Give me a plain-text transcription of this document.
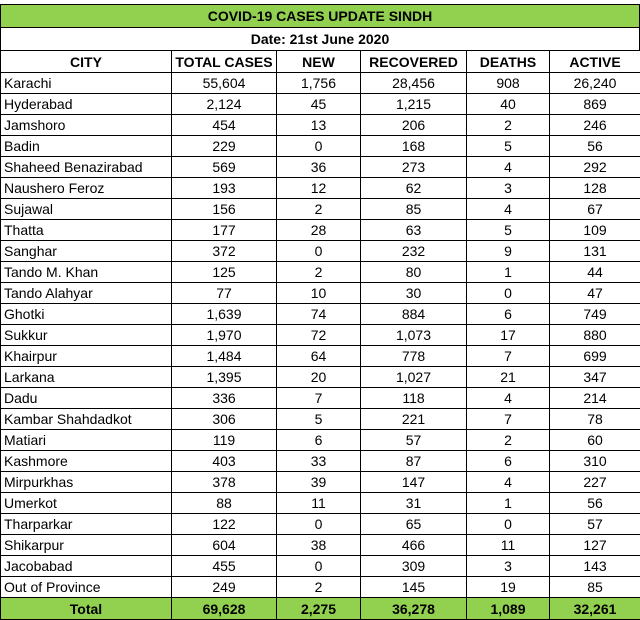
COVID-19 CASES UPDATE SINDH
Date: 21st June 2020
CITY	TOTAL CASES	NEW	RECOVERED	DEATHS	ACTIVE
Karachi	55,604	1,756	28,456	908	26,240
Hyderabad	2,124	45	1,215	40	869
Jamshoro	454	13	206	2	246
Badin	229	0	168	5	56
Shaheed Benazirabad	569	36	273	4	292
Naushero Feroz	193	12	62	3	128
Sujawal	156	2	85	4	67
Thatta	177	28	63	5	109
Sanghar	372	0	232	9	131
Tando M. Khan	125	2	80	1	44
Tando Alahyar	77	10	30	0	47
Ghotki	1,639	74	884	6	749
Sukkur	1,970	72	1,073	17	880
Khairpur	1,484	64	778	7	699
Larkana	1,395	20	1,027	21	347
Dadu	336	7	118	4	214
Kambar Shahdadkot	306	5	221	7	78
Matiari	119	6	57	2	60
Kashmore	403	33	87	6	310
Mirpurkhas	378	39	147	4	227
Umerkot	88	11	31	1	56
Tharparkar	122	0	65	0	57
Shikarpur	604	38	466	11	127
Jacobabad	455	0	309	3	143
Out of Province	249	2	145	19	85
Total	69,628	2,275	36,278	1,089	32,261
